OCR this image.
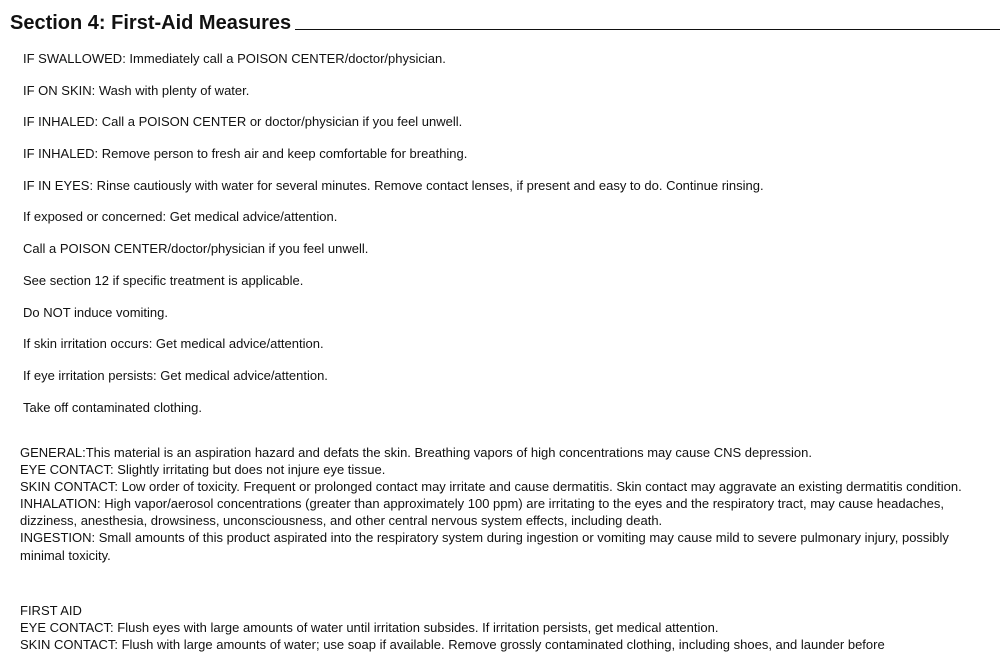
Section 4: First-Aid Measures
IF SWALLOWED: Immediately call a POISON CENTER/doctor/physician.
IF ON SKIN: Wash with plenty of water.
IF INHALED: Call a POISON CENTER or doctor/physician if you feel unwell.
IF INHALED: Remove person to fresh air and keep comfortable for breathing.
IF IN EYES: Rinse cautiously with water for several minutes. Remove contact lenses, if present and easy to do. Continue rinsing.
If exposed or concerned: Get medical advice/attention.
Call a POISON CENTER/doctor/physician if you feel unwell.
See section 12 if specific treatment is applicable.
Do NOT induce vomiting.
If skin irritation occurs: Get medical advice/attention.
If eye irritation persists: Get medical advice/attention.
Take off contaminated clothing.

GENERAL:This material is an aspiration hazard and defats the skin. Breathing vapors of high concentrations may cause CNS depression.

EYE CONTACT: Slightly irritating but does not injure eye tissue.

SKIN CONTACT: Low order of toxicity. Frequent or prolonged contact may irritate and cause dermatitis. Skin contact may aggravate an existing dermatitis condition.

INHALATION: High vapor/aerosol concentrations (greater than approximately 100 ppm) are irritating to the eyes and the respiratory tract, may cause headaches, dizziness, anesthesia, drowsiness, unconsciousness, and other central nervous system effects, including death.

INGESTION: Small amounts of this product aspirated into the respiratory system during ingestion or vomiting may cause mild to severe pulmonary injury, possibly minimal toxicity.

FIRST AID

EYE CONTACT: Flush eyes with large amounts of water until irritation subsides. If irritation persists, get medical attention.

SKIN CONTACT: Flush with large amounts of water; use soap if available. Remove grossly contaminated clothing, including shoes, and launder before
